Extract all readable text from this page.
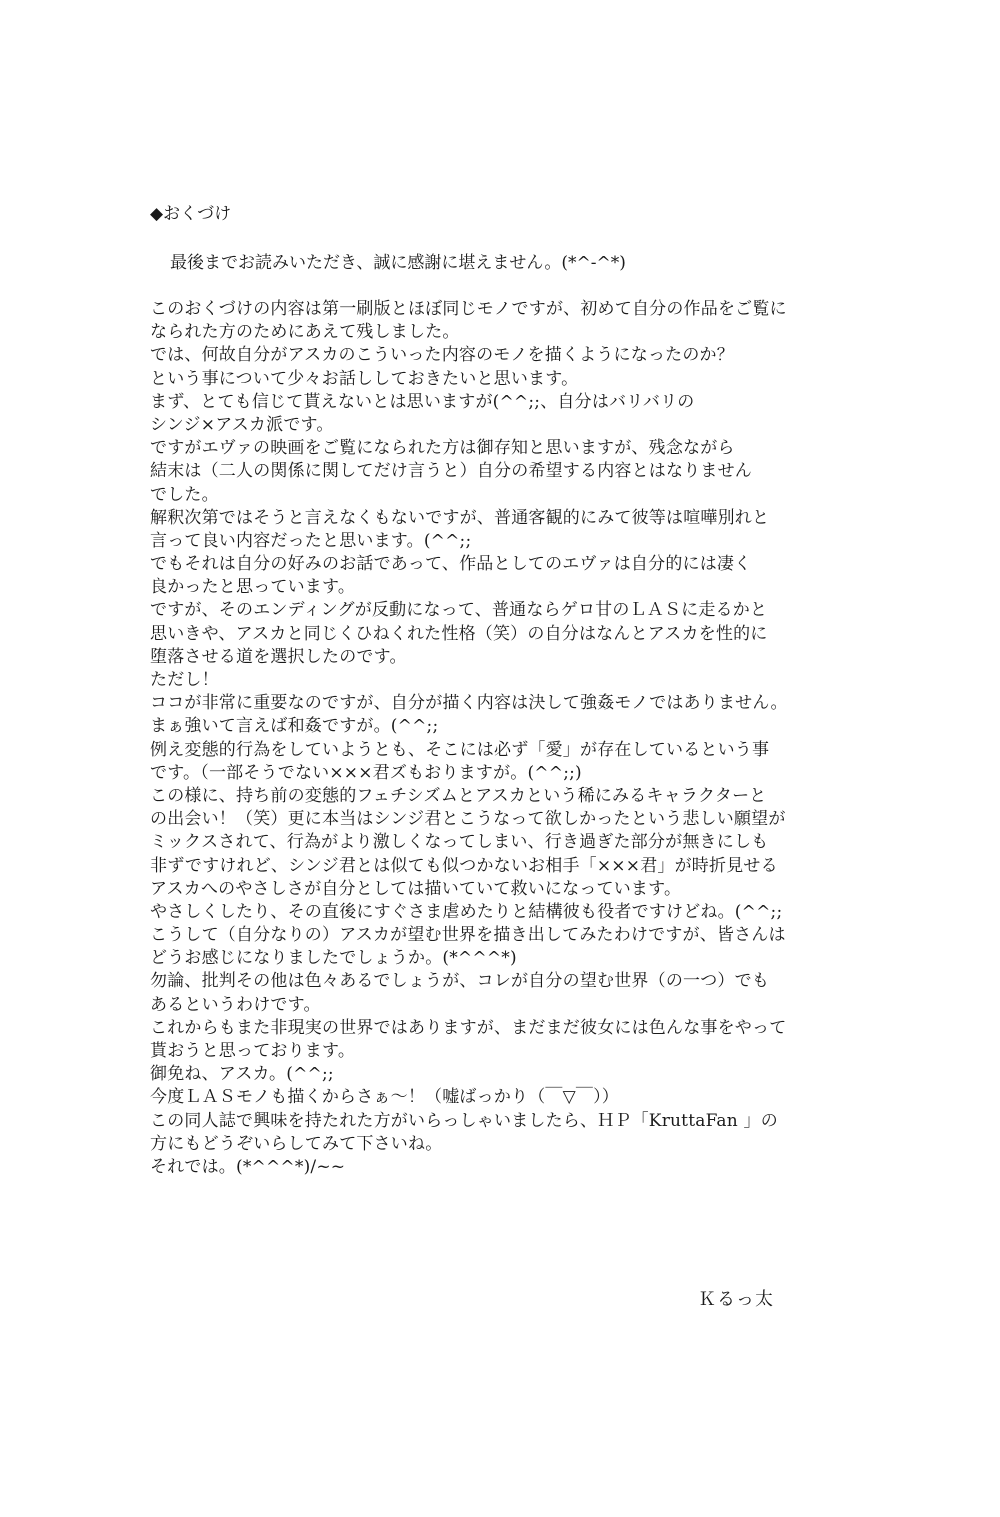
◆おくづけ
最後までお読みいただき、誠に感謝に堪えません。(*^-^*)
このおくづけの内容は第一刷版とほぼ同じモノですが、初めて自分の作品をご覧に
なられた方のためにあえて残しました。
では、何故自分がアスカのこういった内容のモノを描くようになったのか？
という事について少々お話ししておきたいと思います。
まず、とても信じて貰えないとは思いますが(^^;;、自分はバリバリの
シンジ×アスカ派です。
ですがエヴァの映画をご覧になられた方は御存知と思いますが、残念ながら
結末は（二人の関係に関してだけ言うと）自分の希望する内容とはなりません
でした。
解釈次第ではそうと言えなくもないですが、普通客観的にみて彼等は喧嘩別れと
言って良い内容だったと思います。(^^;;
でもそれは自分の好みのお話であって、作品としてのエヴァは自分的には凄く
良かったと思っています。
ですが、そのエンディングが反動になって、普通ならゲロ甘のＬＡＳに走るかと
思いきや、アスカと同じくひねくれた性格（笑）の自分はなんとアスカを性的に
堕落させる道を選択したのです。
ただし！
ココが非常に重要なのですが、自分が描く内容は決して強姦モノではありません。
まぁ強いて言えば和姦ですが。(^^;;
例え変態的行為をしていようとも、そこには必ず「愛」が存在しているという事
です。（一部そうでない×××君ズもおりますが。(^^;;)
この様に、持ち前の変態的フェチシズムとアスカという稀にみるキャラクターと
の出会い！（笑）更に本当はシンジ君とこうなって欲しかったという悲しい願望が
ミックスされて、行為がより激しくなってしまい、行き過ぎた部分が無きにしも
非ずですけれど、シンジ君とは似ても似つかないお相手「×××君」が時折見せる
アスカへのやさしさが自分としては描いていて救いになっています。
やさしくしたり、その直後にすぐさま虐めたりと結構彼も役者ですけどね。(^^;;
こうして（自分なりの）アスカが望む世界を描き出してみたわけですが、皆さんは
どうお感じになりましたでしょうか。(*^^^*)
勿論、批判その他は色々あるでしょうが、コレが自分の望む世界（の一つ）でも
あるというわけです。
これからもまた非現実の世界ではありますが、まだまだ彼女には色んな事をやって
貰おうと思っております。
御免ね、アスカ。(^^;;
今度ＬＡＳモノも描くからさぁ～！（嘘ばっかり（￣▽￣））
この同人誌で興味を持たれた方がいらっしゃいましたら、ＨＰ「KruttaFan 」の
方にもどうぞいらしてみて下さいね。
それでは。(*^^^*)/~~
Ｋるっ太
